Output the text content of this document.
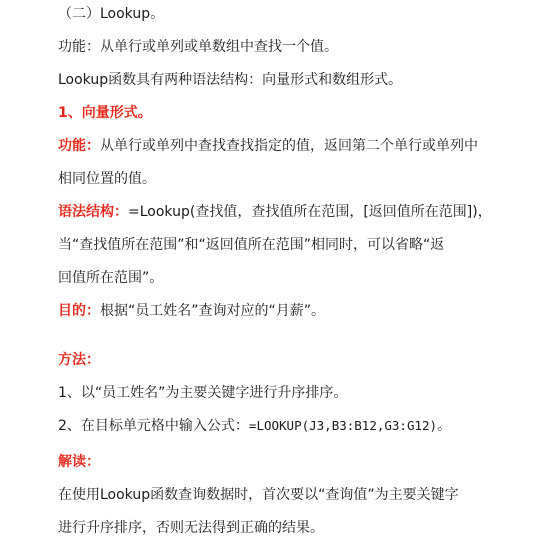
（二）Lookup。
功能：从单行或单列或单数组中查找一个值。
Lookup函数具有两种语法结构：向量形式和数组形式。
1、向量形式。
功能：从单行或单列中查找查找指定的值，返回第二个单行或单列中
相同位置的值。
语法结构：=Lookup(查找值，查找值所在范围，[返回值所在范围])，
当“查找值所在范围”和“返回值所在范围”相同时，可以省略“返
回值所在范围”。
目的：根据“员工姓名”查询对应的“月薪”。
方法：
1、以“员工姓名”为主要关键字进行升序排序。
2、在目标单元格中输入公式：=LOOKUP(J3,B3:B12,G3:G12)。
解读：
在使用Lookup函数查询数据时，首次要以“查询值”为主要关键字
进行升序排序，否则无法得到正确的结果。
